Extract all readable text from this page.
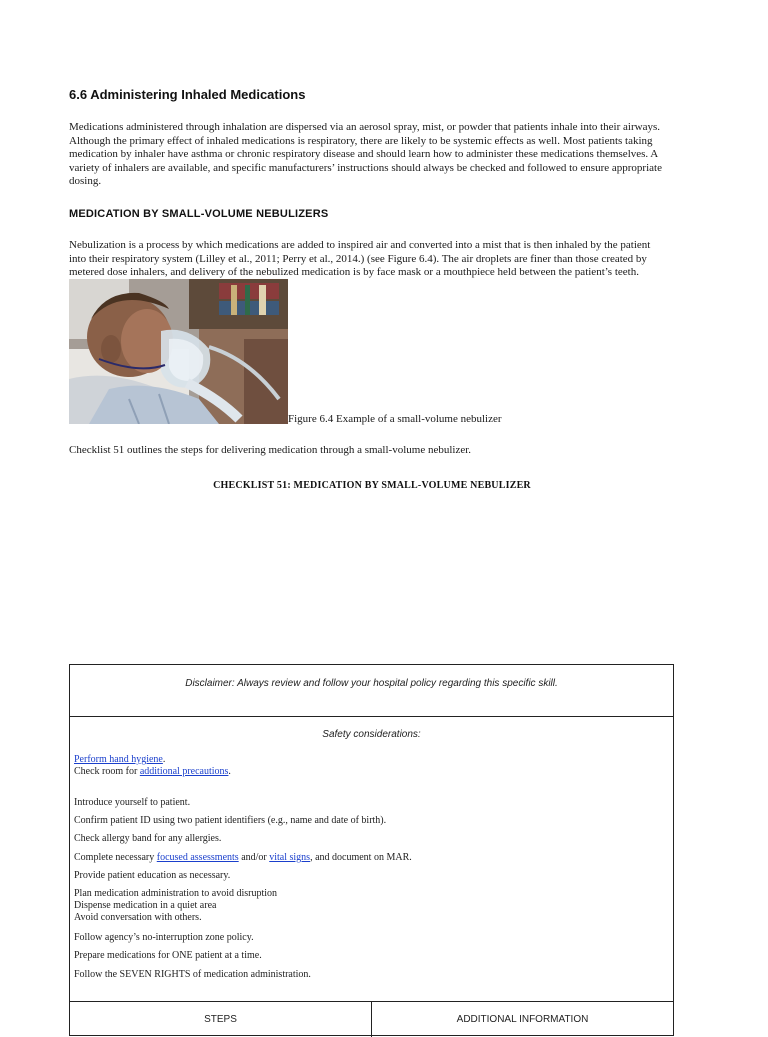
6.6 Administering Inhaled Medications
Medications administered through inhalation are dispersed via an aerosol spray, mist, or powder that patients inhale into their airways.
Although the primary effect of inhaled medications is respiratory, there are likely to be systemic effects as well. Most patients taking
medication by inhaler have asthma or chronic respiratory disease and should learn how to administer these medications themselves. A
variety of inhalers are available, and specific manufacturers’ instructions should always be checked and followed to ensure appropriate
dosing.
MEDICATION BY SMALL-VOLUME NEBULIZERS
Nebulization is a process by which medications are added to inspired air and converted into a mist that is then inhaled by the patient
into their respiratory system (Lilley et al., 2011; Perry et al., 2014.) (see Figure 6.4). The air droplets are finer than those created by
metered dose inhalers, and delivery of the nebulized medication is by face mask or a mouthpiece held between the patient’s teeth.
Figure 6.4 Example of a small-volume nebulizer
Checklist 51 outlines the steps for delivering medication through a small-volume nebulizer.
CHECKLIST 51: MEDICATION BY SMALL-VOLUME NEBULIZER
Disclaimer: Always review and follow your hospital policy regarding this specific skill.
Safety considerations:
Perform hand hygiene.
Check room for additional precautions.
Introduce yourself to patient.
Confirm patient ID using two patient identifiers (e.g., name and date of birth).
Check allergy band for any allergies.
Complete necessary focused assessments and/or vital signs, and document on MAR.
Provide patient education as necessary.
Plan medication administration to avoid disruption
Dispense medication in a quiet area
Avoid conversation with others.
Follow agency’s no-interruption zone policy.
Prepare medications for ONE patient at a time.
Follow the SEVEN RIGHTS of medication administration.
STEPS	ADDITIONAL INFORMATION
